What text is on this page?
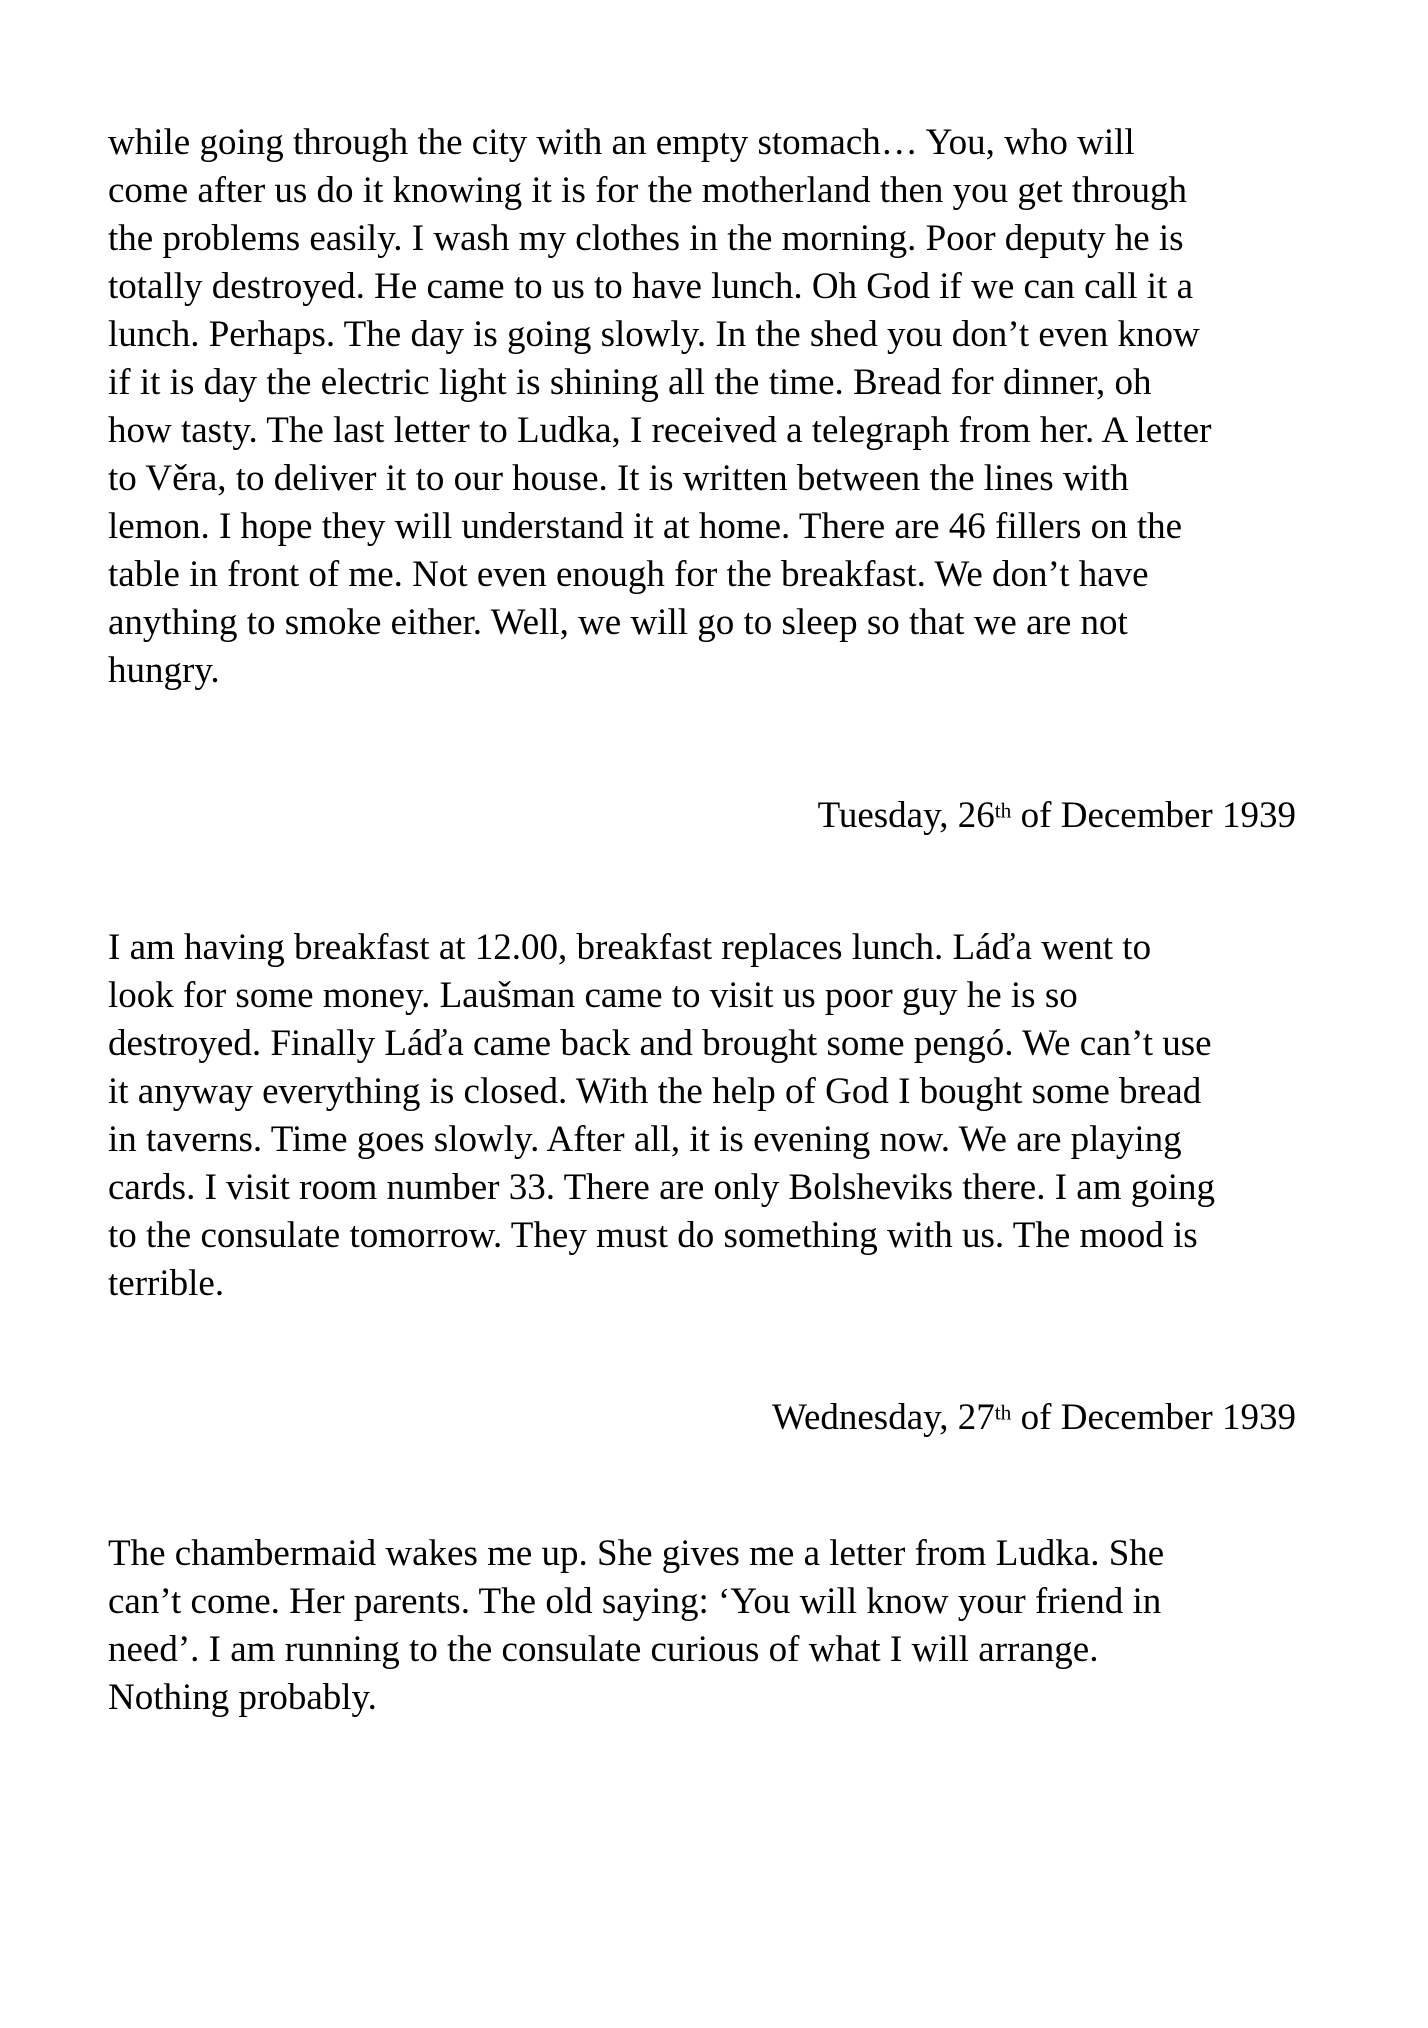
while going through the city with an empty stomach… You, who will
come after us do it knowing it is for the motherland then you get through
the problems easily. I wash my clothes in the morning. Poor deputy he is
totally destroyed. He came to us to have lunch. Oh God if we can call it a
lunch. Perhaps. The day is going slowly. In the shed you don’t even know
if it is day the electric light is shining all the time. Bread for dinner, oh
how tasty. The last letter to Ludka, I received a telegraph from her. A letter
to Věra, to deliver it to our house. It is written between the lines with
lemon. I hope they will understand it at home. There are 46 fillers on the
table in front of me. Not even enough for the breakfast. We don’t have
anything to smoke either. Well, we will go to sleep so that we are not
hungry.
Tuesday, 26th of December 1939
I am having breakfast at 12.00, breakfast replaces lunch. Láďa went to
look for some money. Laušman came to visit us poor guy he is so
destroyed. Finally Láďa came back and brought some pengó. We can’t use
it anyway everything is closed. With the help of God I bought some bread
in taverns. Time goes slowly. After all, it is evening now. We are playing
cards. I visit room number 33. There are only Bolsheviks there. I am going
to the consulate tomorrow. They must do something with us. The mood is
terrible.
Wednesday, 27th of December 1939
The chambermaid wakes me up. She gives me a letter from Ludka. She
can’t come. Her parents. The old saying: ‘You will know your friend in
need’. I am running to the consulate curious of what I will arrange.
Nothing probably.
